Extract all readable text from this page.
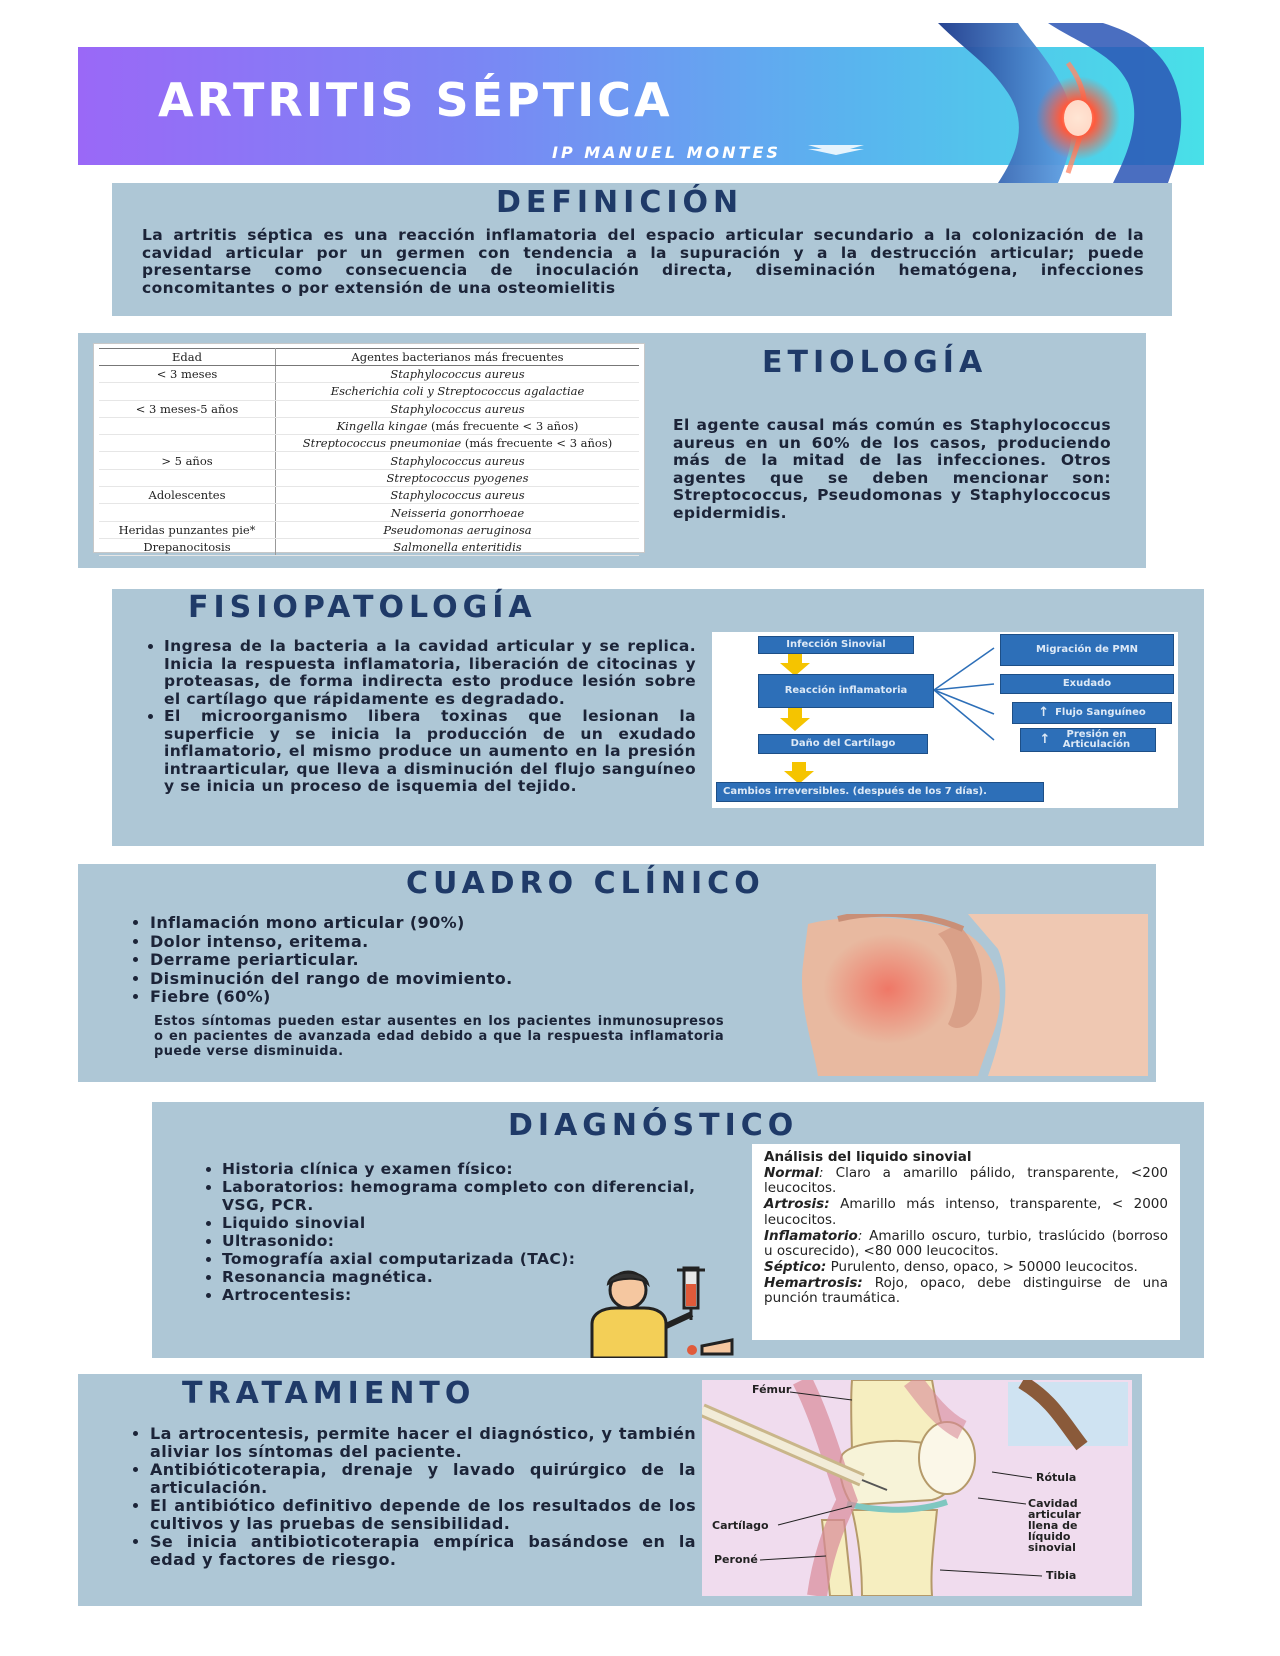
ARTRITIS SÉPTICA

IP MANUEL MONTES

DEFINICIÓN

La artritis séptica es una reacción inflamatoria del espacio articular secundario a la colonización de la cavidad articular por un germen con tendencia a la supuración y a la destrucción articular; puede presentarse como consecuencia de inoculación directa, diseminación hematógena, infecciones concomitantes o por extensión de una osteomielitis

Edad	Agentes bacterianos más frecuentes
< 3 meses	Staphylococcus aureus
	Escherichia coli y Streptococcus agalactiae
< 3 meses-5 años	Staphylococcus aureus
	Kingella kingae (más frecuente < 3 años)
	Streptococcus pneumoniae (más frecuente < 3 años)
> 5 años	Staphylococcus aureus
	Streptococcus pyogenes
Adolescentes	Staphylococcus aureus
	Neisseria gonorrhoeae
Heridas punzantes pie*	Pseudomonas aeruginosa
Drepanocitosis	Salmonella enteritidis
ETIOLOGÍA

El agente causal más común es Staphylococcus aureus en un 60% de los casos, produciendo más de la mitad de las infecciones. Otros agentes que se deben mencionar son: Streptococcus, Pseudomonas y Staphyloccocus epidermidis.

FISIOPATOLOGÍA
• Ingresa de la bacteria a la cavidad articular y se replica. Inicia la respuesta inflamatoria, liberación de citocinas y proteasas, de forma indirecta esto produce lesión sobre el cartílago que rápidamente es degradado.
• El microorganismo libera toxinas que lesionan la superficie y se inicia la producción de un exudado inflamatorio, el mismo produce un aumento en la presión intraarticular, que lleva a disminución del flujo sanguíneo y se inicia un proceso de isquemia del tejido.
Infección Sinovial
Reacción inflamatoria
Daño del Cartílago
Cambios irreversibles. (después de los 7 días).
Migración de PMN
Exudado
↑ Flujo Sanguíneo
↑	Presión en Articulación
CUADRO CLÍNICO
• Inflamación mono articular (90%)
• Dolor intenso, eritema.
• Derrame periarticular.
• Disminución del rango de movimiento.
• Fiebre (60%)

Estos síntomas pueden estar ausentes en los pacientes inmunosupresos o en pacientes de avanzada edad debido a que la respuesta inflamatoria puede verse disminuida.

DIAGNÓSTICO
• Historia clínica y examen físico:
• Laboratorios: hemograma completo con diferencial, VSG, PCR.
• Liquido sinovial
• Ultrasonido:
• Tomografía axial computarizada (TAC):
• Resonancia magnética.
• Artrocentesis:
Análisis del liquido sinovial
Normal: Claro a amarillo pálido, transparente, <200 leucocitos.
Artrosis: Amarillo más intenso, transparente, < 2000 leucocitos.
Inflamatorio: Amarillo oscuro, turbio, traslúcido (borroso u oscurecido), <80 000 leucocitos.
Séptico: Purulento, denso, opaco, > 50000 leucocitos.
Hemartrosis: Rojo, opaco, debe distinguirse de una punción traumática.
TRATAMIENTO
• La artrocentesis, permite hacer el diagnóstico, y también aliviar los síntomas del paciente.
• Antibióticoterapia, drenaje y lavado quirúrgico de la articulación.
• El antibiótico definitivo depende de los resultados de los cultivos y las pruebas de sensibilidad.
• Se inicia antibioticoterapia empírica basándose en la edad y factores de riesgo.
Fémur
Rótula
Cavidad articular llena de líquido sinovial
Cartílago
Peroné
Tibia
